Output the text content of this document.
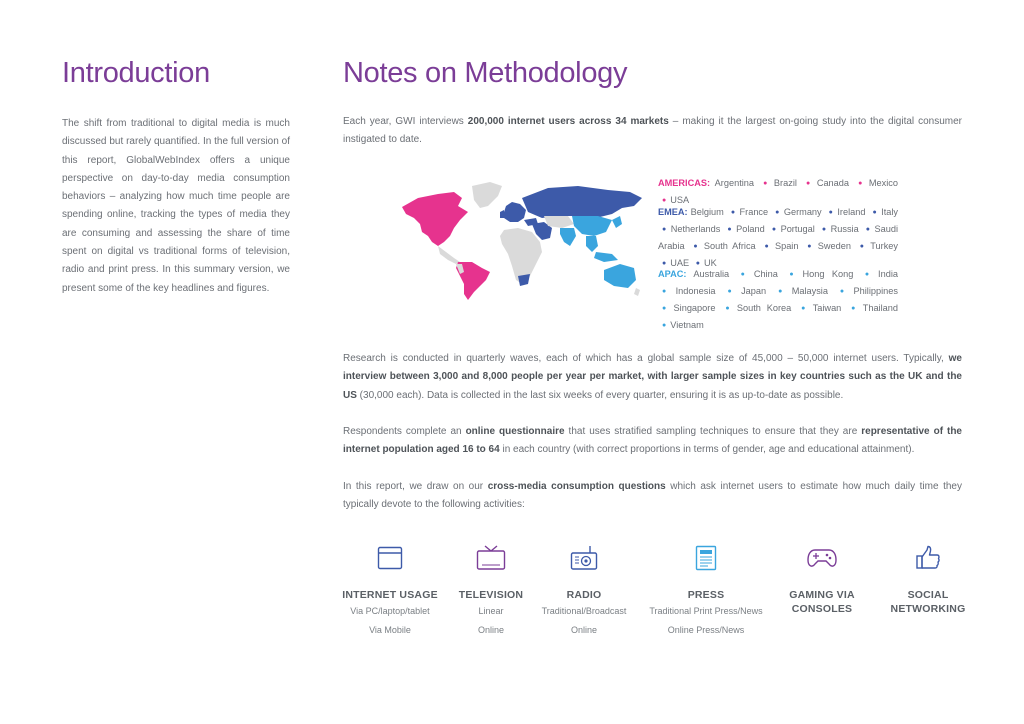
Introduction	Notes on Methodology
The shift from traditional to digital media is much discussed but rarely quantified. In the full version of this report, GlobalWebIndex offers a unique perspective on day-to-day media consumption behaviors – analyzing how much time people are spending online, tracking the types of media they are consuming and assessing the share of time spent on digital vs traditional forms of television, radio and print press. In this summary version, we present some of the key headlines and figures.
Each year, GWI interviews 200,000 internet users across 34 markets – making it the largest on-going study into the digital consumer instigated to date.
AMERICAS: Argentina ● Brazil ● Canada ● Mexico ● USA
EMEA: Belgium ● France ● Germany ● Ireland ● Italy ● Netherlands ● Poland ● Portugal ● Russia ● Saudi Arabia ● South Africa ● Spain ● Sweden ● Turkey ● UAE ● UK
APAC: Australia ● China ● Hong Kong ● India ● Indonesia ● Japan ● Malaysia ● Philippines ● Singapore ● South Korea ● Taiwan ● Thailand ● Vietnam
Research is conducted in quarterly waves, each of which has a global sample size of 45,000 – 50,000 internet users. Typically, we interview between 3,000 and 8,000 people per year per market, with larger sample sizes in key countries such as the UK and the US (30,000 each). Data is collected in the last six weeks of every quarter, ensuring it is as up-to-date as possible.
Respondents complete an online questionnaire that uses stratified sampling techniques to ensure that they are representative of the internet population aged 16 to 64 in each country (with correct proportions in terms of gender, age and educational attainment).
In this report, we draw on our cross-media consumption questions which ask internet users to estimate how much daily time they typically devote to the following activities:
INTERNET USAGE
Via PC/laptop/tablet
Via Mobile
TELEVISION
Linear
Online
RADIO
Traditional/Broadcast
Online
PRESS
Traditional Print Press/News
Online Press/News
GAMING VIA CONSOLES
SOCIAL NETWORKING
